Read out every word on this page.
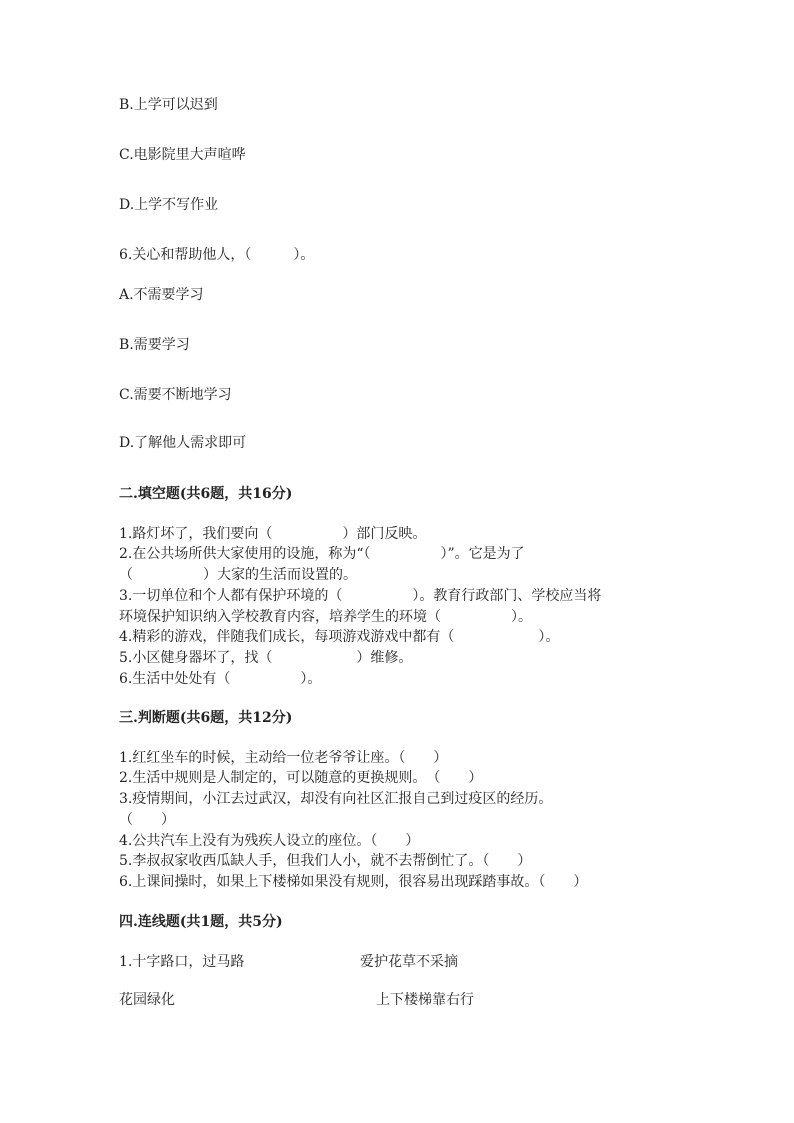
B.上学可以迟到
C.电影院里大声喧哗
D.上学不写作业
6.关心和帮助他人，（　　　）。
A.不需要学习
B.需要学习
C.需要不断地学习
D.了解他人需求即可
二.填空题(共6题，共16分)
1.路灯坏了，我们要向（　　　　　）部门反映。
2.在公共场所供大家使用的设施，称为“（　　　　　）”。它是为了
（　　　　　）大家的生活而设置的。
3.一切单位和个人都有保护环境的（　　　　　）。教育行政部门、学校应当将
环境保护知识纳入学校教育内容，培养学生的环境（　　　　　）。
4.精彩的游戏，伴随我们成长，每项游戏游戏中都有（　　　　　　）。
5.小区健身器坏了，找（　　　　　　）维修。
6.生活中处处有（　　　　　）。
三.判断题(共6题，共12分)
1.红红坐车的时候，主动给一位老爷爷让座。（　　）
2.生活中规则是人制定的，可以随意的更换规则。　（　　）
3.疫情期间，小江去过武汉，却没有向社区汇报自己到过疫区的经历。
（　　）
4.公共汽车上没有为残疾人设立的座位。（　　）
5.李叔叔家收西瓜缺人手，但我们人小，就不去帮倒忙了。（　　）
6.上课间操时，如果上下楼梯如果没有规则，很容易出现踩踏事故。（　　）
四.连线题(共1题，共5分)
1.十字路口，过马路	爱护花草不采摘
花园绿化	上下楼梯靠右行
